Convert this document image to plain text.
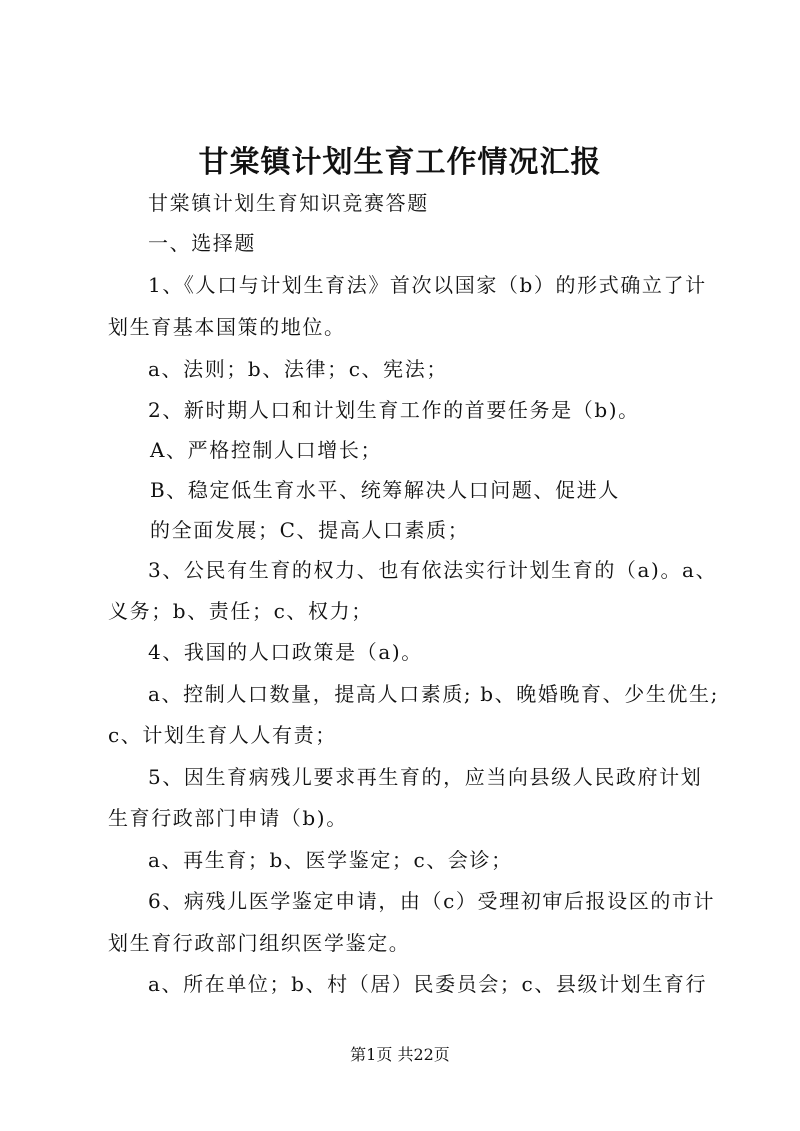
甘棠镇计划生育工作情况汇报
甘棠镇计划生育知识竞赛答题
一、选择题
1、《人口与计划生育法》首次以国家（b）的形式确立了计
划生育基本国策的地位。
a、法则；b、法律；c、宪法；
2、新时期人口和计划生育工作的首要任务是（b)。
A、严格控制人口增长；
B、稳定低生育水平、统筹解决人口问题、促进人
的全面发展；C、提高人口素质；
3、公民有生育的权力、也有依法实行计划生育的（a)。a、
义务；b、责任；c、权力；
4、我国的人口政策是（a)。
a、控制人口数量，提高人口素质; b、晚婚晚育、少生优生;
c、计划生育人人有责；
5、因生育病残儿要求再生育的，应当向县级人民政府计划
生育行政部门申请（b)。
a、再生育；b、医学鉴定；c、会诊；
6、病残儿医学鉴定申请，由（c）受理初审后报设区的市计
划生育行政部门组织医学鉴定。
a、所在单位；b、村（居）民委员会；c、县级计划生育行
第1页 共22页
